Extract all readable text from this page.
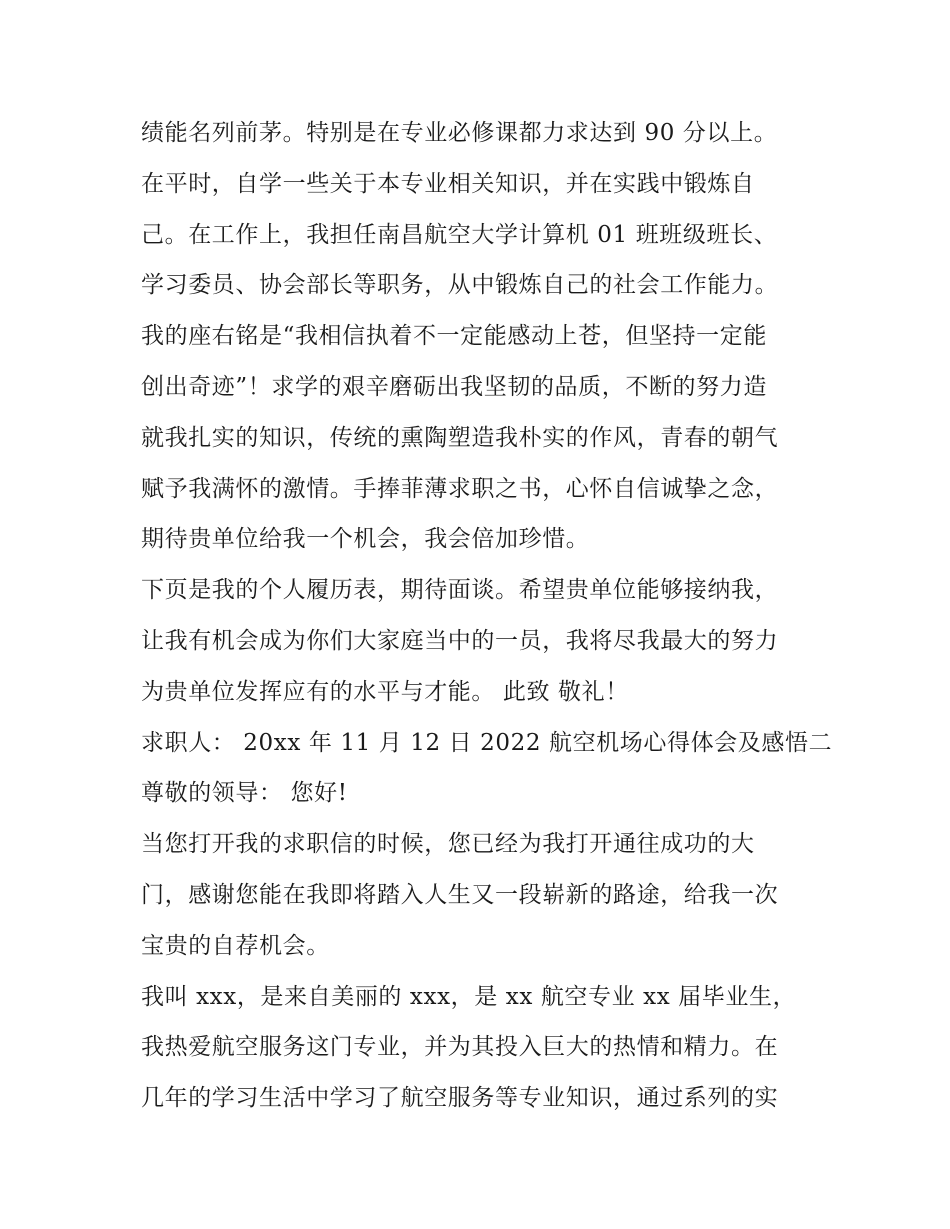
绩能名列前茅。特别是在专业必修课都力求达到 90 分以上。
在平时，自学一些关于本专业相关知识，并在实践中锻炼自
己。在工作上，我担任南昌航空大学计算机 01 班班级班长、
学习委员、协会部长等职务，从中锻炼自己的社会工作能力。
我的座右铭是“我相信执着不一定能感动上苍，但坚持一定能
创出奇迹”！求学的艰辛磨砺出我坚韧的品质，不断的努力造
就我扎实的知识，传统的熏陶塑造我朴实的作风，青春的朝气
赋予我满怀的激情。手捧菲薄求职之书，心怀自信诚挚之念，
期待贵单位给我一个机会，我会倍加珍惜。
下页是我的个人履历表，期待面谈。希望贵单位能够接纳我，
让我有机会成为你们大家庭当中的一员，我将尽我最大的努力
为贵单位发挥应有的水平与才能。 此致 敬礼！
求职人： 20xx 年 11 月 12 日 2022 航空机场心得体会及感悟二
尊敬的领导： 您好!
当您打开我的求职信的时候，您已经为我打开通往成功的大
门，感谢您能在我即将踏入人生又一段崭新的路途，给我一次
宝贵的自荐机会。
我叫 xxx，是来自美丽的 xxx，是 xx 航空专业 xx 届毕业生，
我热爱航空服务这门专业，并为其投入巨大的热情和精力。在
几年的学习生活中学习了航空服务等专业知识，通过系列的实
